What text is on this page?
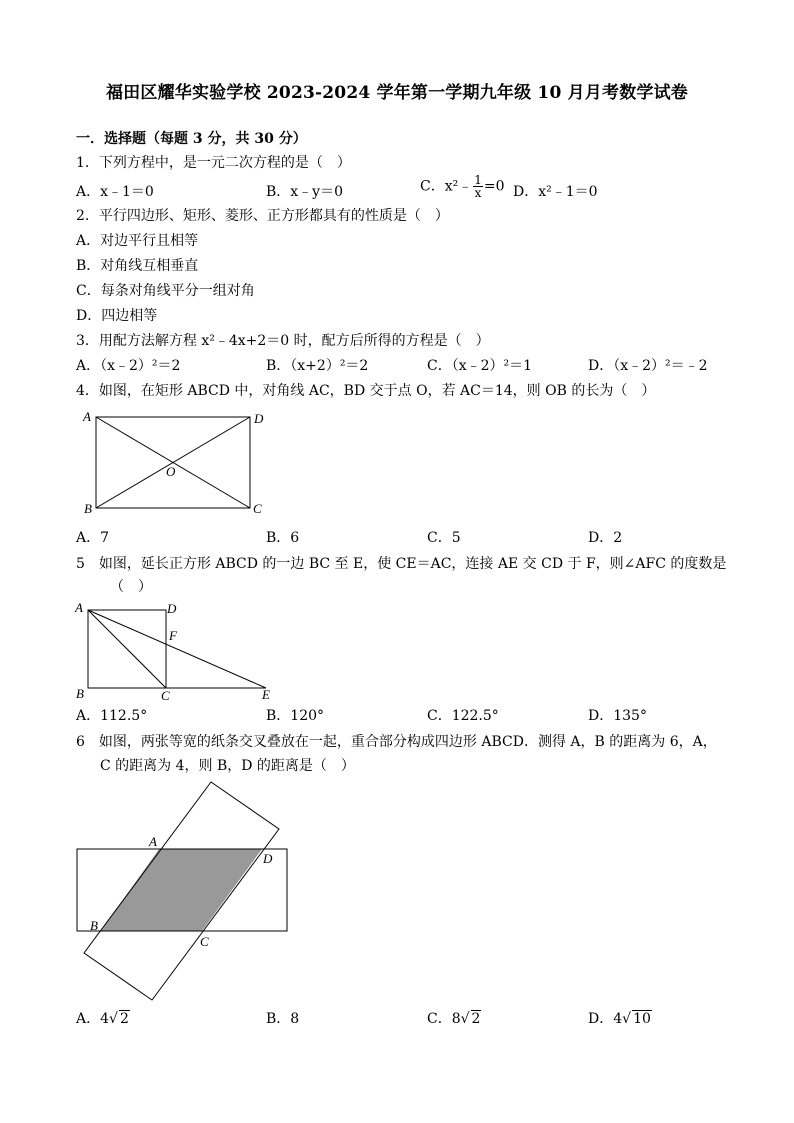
福田区耀华实验学校 2023-2024 学年第一学期九年级 10 月月考数学试卷
一．选择题（每题 3 分，共 30 分）
1．下列方程中，是一元二次方程的是（　）
A．x﹣1＝0	B．x﹣y＝0	C．x²﹣ $\frac{1}{x} =0$ D．x²﹣1＝0
2．平行四边形、矩形、菱形、正方形都具有的性质是（　）
A．对边平行且相等
B．对角线互相垂直
C．每条对角线平分一组对角
D．四边相等
3．用配方法解方程 x²﹣4x+2＝0 时，配方后所得的方程是（　）
A．（x﹣2）²＝2	B．（x+2）²＝2	C．（x﹣2）²＝1	D．（x﹣2）²＝﹣2
4．如图，在矩形 ABCD 中，对角线 AC，BD 交于点 O，若 AC＝14，则 OB 的长为（　）
A	D
B	C
O
A．7	B．6	C．5	D．2
5　如图，延长正方形 ABCD 的一边 BC 至 E，使 CE＝AC，连接 AE 交 CD 于 F，则∠AFC 的度数是
（　）
A	D
F
B	C	E
A．112.5°	B．120°	C．122.5°	D．135°
6　如图，两张等宽的纸条交叉叠放在一起，重合部分构成四边形 ABCD．测得 A，B 的距离为 6，A，
C 的距离为 4，则 B，D 的距离是（　）
A
D
B
C
A．4√ 2	B．8	C．8√ 2	D．4√ 10
